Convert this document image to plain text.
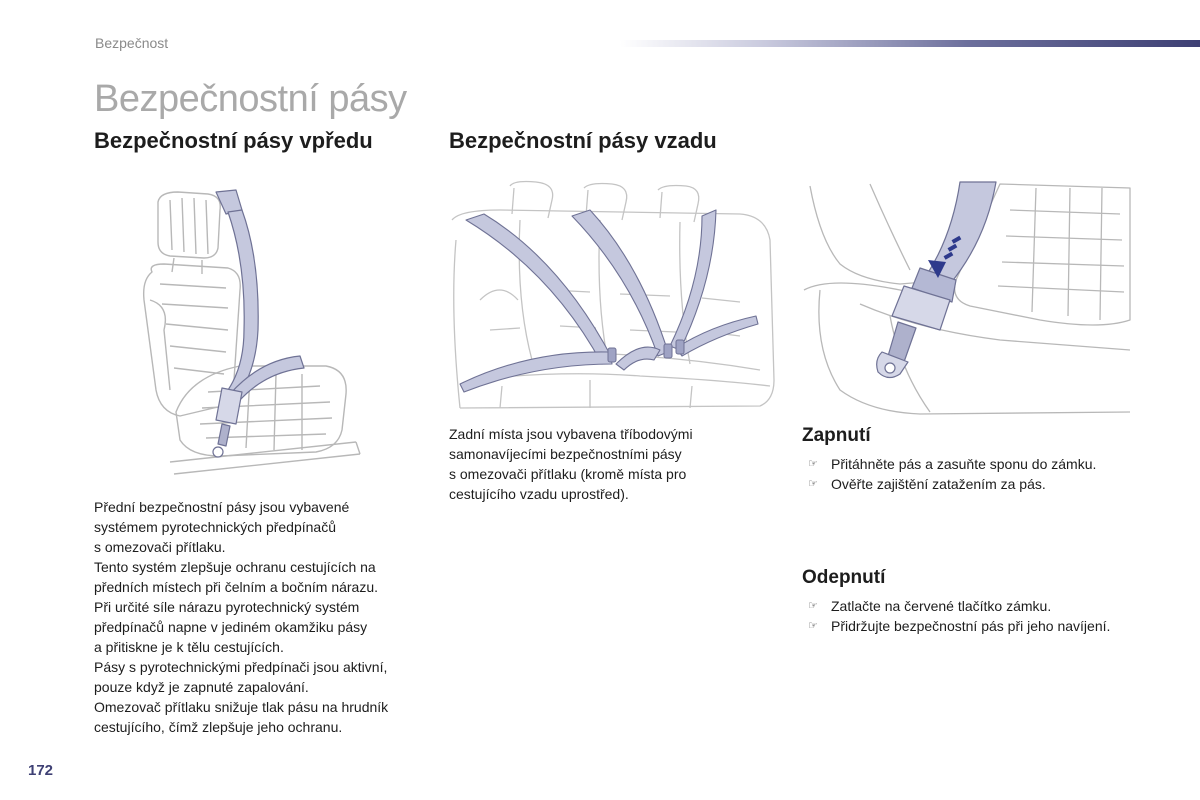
Bezpečnost
Bezpečnostní pásy
Bezpečnostní pásy vpředu	Bezpečnostní pásy vzadu
Přední bezpečnostní pásy jsou vybavené
systémem pyrotechnických předpínačů
s omezovači přítlaku.
Tento systém zlepšuje ochranu cestujících na
předních místech při čelním a bočním nárazu.
Při určité síle nárazu pyrotechnický systém
předpínačů napne v jediném okamžiku pásy
a přitiskne je k tělu cestujících.
Pásy s pyrotechnickými předpínači jsou aktivní,
pouze když je zapnuté zapalování.
Omezovač přítlaku snižuje tlak pásu na hrudník
cestujícího, čímž zlepšuje jeho ochranu.
Zadní místa jsou vybavena tříbodovými
samonavíjecími bezpečnostními pásy
s omezovači přítlaku (kromě místa pro
cestujícího vzadu uprostřed).
Zapnutí
☞ Přitáhněte pás a zasuňte sponu do zámku.
☞ Ověřte zajištění zatažením za pás.
Odepnutí
☞ Zatlačte na červené tlačítko zámku.
☞ Přidržujte bezpečnostní pás při jeho navíjení.
172
